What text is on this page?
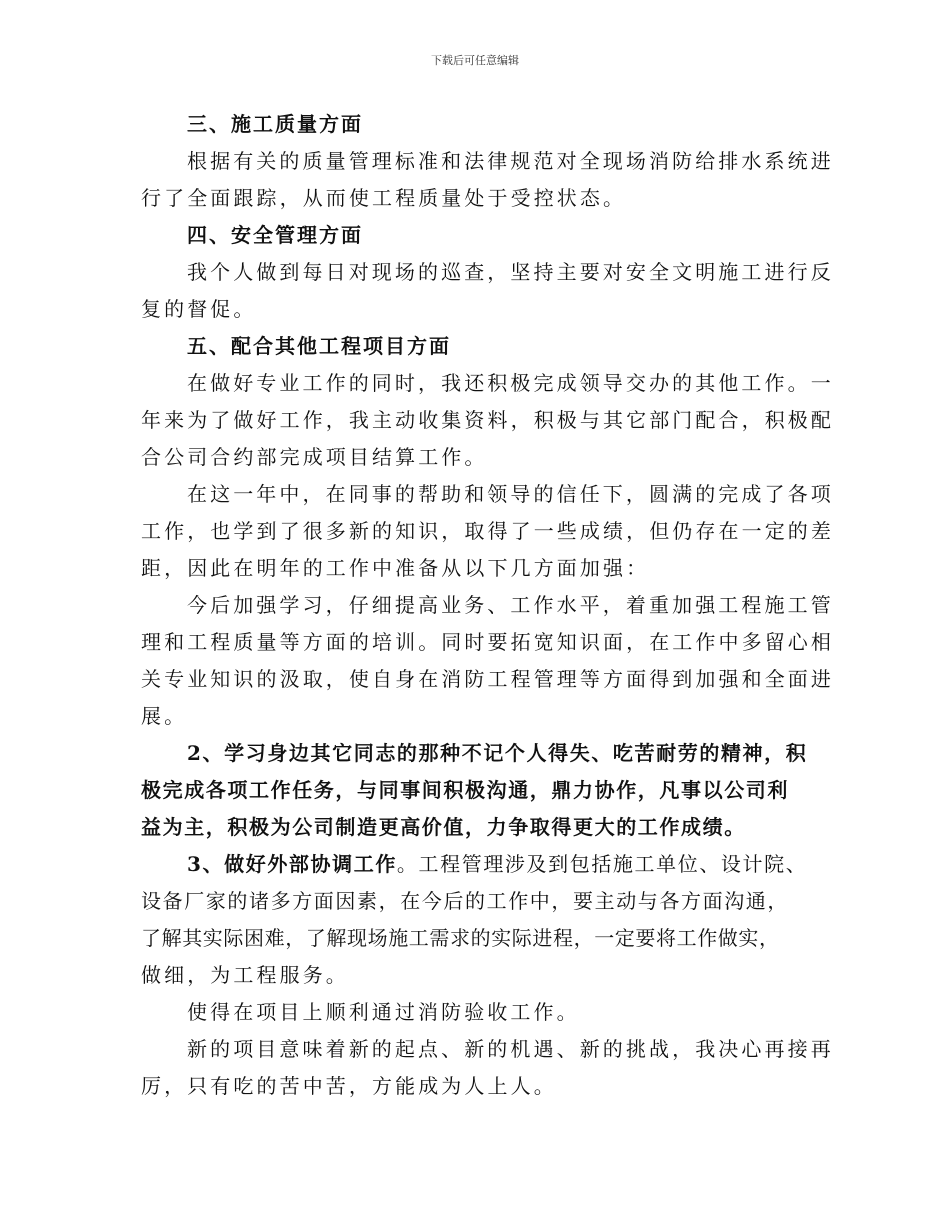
下载后可任意编辑
三、施工质量方面
根据有关的质量管理标准和法律规范对全现场消防给排水系统进
行了全面跟踪，从而使工程质量处于受控状态。
四、安全管理方面
我个人做到每日对现场的巡查，坚持主要对安全文明施工进行反
复的督促。
五、配合其他工程项目方面
在做好专业工作的同时，我还积极完成领导交办的其他工作。一
年来为了做好工作，我主动收集资料，积极与其它部门配合，积极配
合公司合约部完成项目结算工作。
在这一年中，在同事的帮助和领导的信任下，圆满的完成了各项
工作，也学到了很多新的知识，取得了一些成绩，但仍存在一定的差
距，因此在明年的工作中准备从以下几方面加强：
今后加强学习，仔细提高业务、工作水平，着重加强工程施工管
理和工程质量等方面的培训。同时要拓宽知识面，在工作中多留心相
关专业知识的汲取，使自身在消防工程管理等方面得到加强和全面进
展。
2、学习身边其它同志的那种不记个人得失、吃苦耐劳的精神，积
极完成各项工作任务，与同事间积极沟通，鼎力协作，凡事以公司利
益为主，积极为公司制造更高价值，力争取得更大的工作成绩。
3、做好外部协调工作。工程管理涉及到包括施工单位、设计院、
设备厂家的诸多方面因素，在今后的工作中，要主动与各方面沟通，
了解其实际困难，了解现场施工需求的实际进程，一定要将工作做实，
做细，为工程服务。
使得在项目上顺利通过消防验收工作。
新的项目意味着新的起点、新的机遇、新的挑战，我决心再接再
厉，只有吃的苦中苦，方能成为人上人。
